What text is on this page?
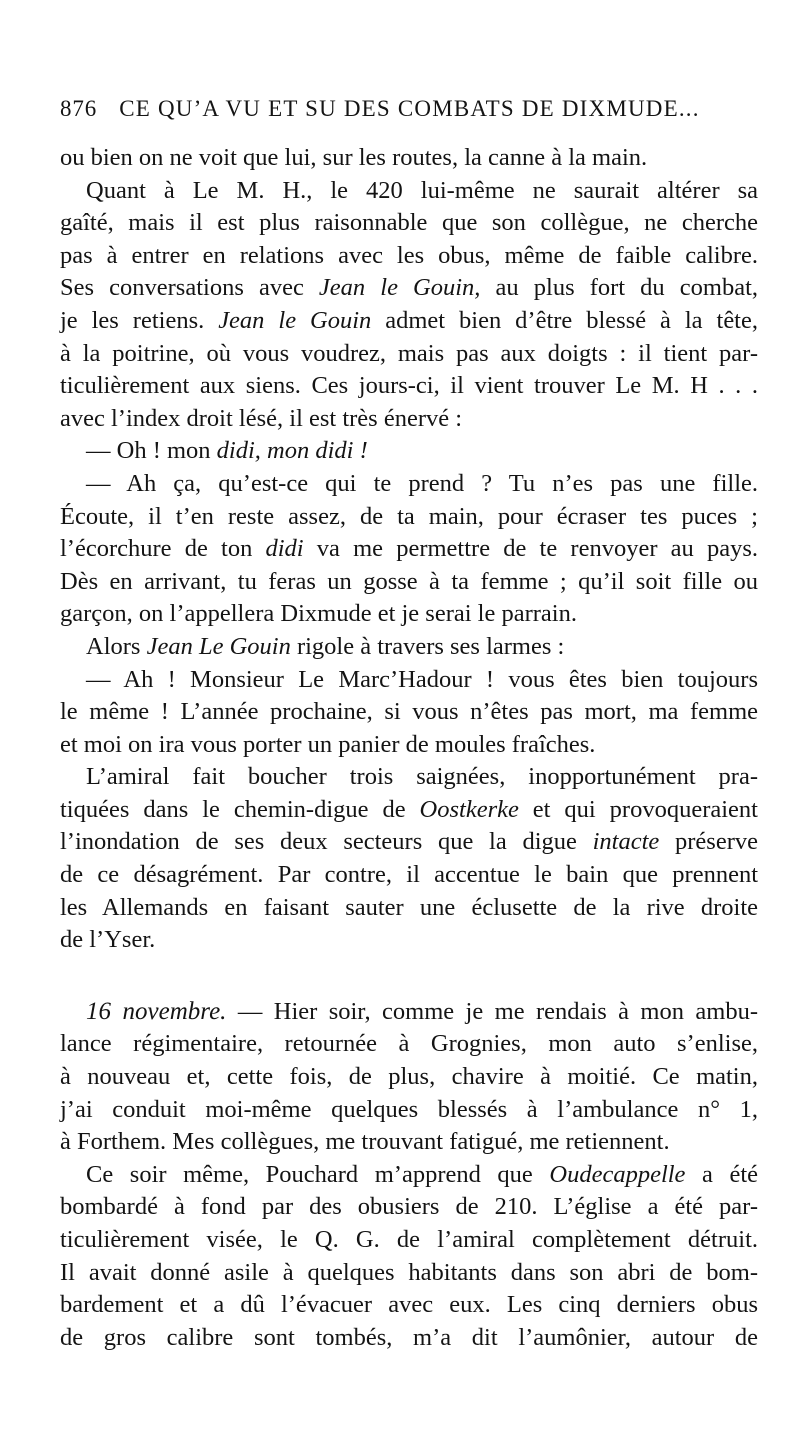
876 CE QU’A VU ET SU DES COMBATS DE DIXMUDE...
ou bien on ne voit que lui, sur les routes, la canne à la main.
Quant à Le M. H., le 420 lui-même ne saurait altérer sa
gaîté, mais il est plus raisonnable que son collègue, ne cherche
pas à entrer en relations avec les obus, même de faible calibre.
Ses conversations avec Jean le Gouin, au plus fort du combat,
je les retiens. Jean le Gouin admet bien d’être blessé à la tête,
à la poitrine, où vous voudrez, mais pas aux doigts : il tient par-
ticulièrement aux siens. Ces jours-ci, il vient trouver Le M. H . . .
avec l’index droit lésé, il est très énervé :
— Oh ! mon didi, mon didi !
— Ah ça, qu’est-ce qui te prend ? Tu n’es pas une fille.
Écoute, il t’en reste assez, de ta main, pour écraser tes puces ;
l’écorchure de ton didi va me permettre de te renvoyer au pays.
Dès en arrivant, tu feras un gosse à ta femme ; qu’il soit fille ou
garçon, on l’appellera Dixmude et je serai le parrain.
Alors Jean Le Gouin rigole à travers ses larmes :
— Ah ! Monsieur Le Marc’Hadour ! vous êtes bien toujours
le même ! L’année prochaine, si vous n’êtes pas mort, ma femme
et moi on ira vous porter un panier de moules fraîches.
L’amiral fait boucher trois saignées, inopportunément pra-
tiquées dans le chemin-digue de Oostkerke et qui provoqueraient
l’inondation de ses deux secteurs que la digue intacte préserve
de ce désagrément. Par contre, il accentue le bain que prennent
les Allemands en faisant sauter une éclusette de la rive droite
de l’Yser.
16 novembre. — Hier soir, comme je me rendais à mon ambu-
lance régimentaire, retournée à Grognies, mon auto s’enlise,
à nouveau et, cette fois, de plus, chavire à moitié. Ce matin,
j’ai conduit moi-même quelques blessés à l’ambulance n° 1,
à Forthem. Mes collègues, me trouvant fatigué, me retiennent.
Ce soir même, Pouchard m’apprend que Oudecappelle a été
bombardé à fond par des obusiers de 210. L’église a été par-
ticulièrement visée, le Q. G. de l’amiral complètement détruit.
Il avait donné asile à quelques habitants dans son abri de bom-
bardement et a dû l’évacuer avec eux. Les cinq derniers obus
de gros calibre sont tombés, m’a dit l’aumônier, autour de
